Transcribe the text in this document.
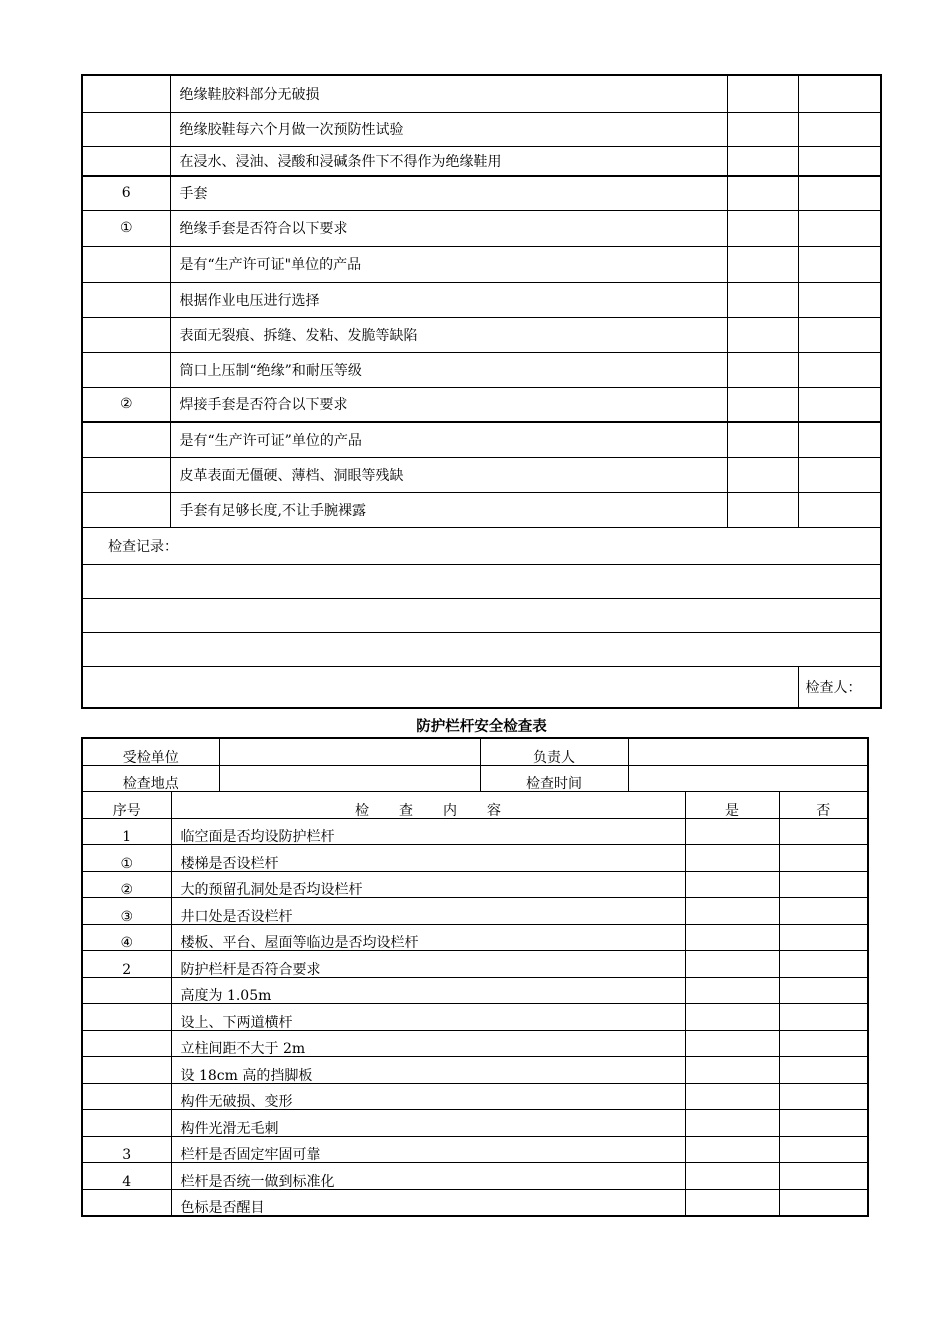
	绝缘鞋胶料部分无破损		
	绝缘胶鞋每六个月做一次预防性试验		
	在浸水、浸油、浸酸和浸碱条件下不得作为绝缘鞋用		
6	手套		
①	绝缘手套是否符合以下要求		
	是有“生产许可证"单位的产品		
	根据作业电压进行选择		
	表面无裂痕、拆缝、发粘、发脆等缺陷		
	筒口上压制“绝缘”和耐压等级		
②	焊接手套是否符合以下要求		
	是有“生产许可证”单位的产品		
	皮革表面无僵硬、薄档、洞眼等残缺		
	手套有足够长度,不让手腕裸露		
检查记录：			

			检查人：
防护栏杆安全检查表
受检单位			负责人			
检查地点			检查时间			
序号	检查内容				是	否
1	临空面是否均设防护栏杆					
①	楼梯是否设栏杆					
②	大的预留孔洞处是否均设栏杆					
③	井口处是否设栏杆					
④	楼板、平台、屋面等临边是否均设栏杆					
2	防护栏杆是否符合要求					
	高度为 1.05m					
	设上、下两道横杆					
	立柱间距不大于 2m					
	设 18cm 高的挡脚板					
	构件无破损、变形					
	构件光滑无毛刺					
3	栏杆是否固定牢固可靠					
4	栏杆是否统一做到标准化					
	色标是否醒目					
